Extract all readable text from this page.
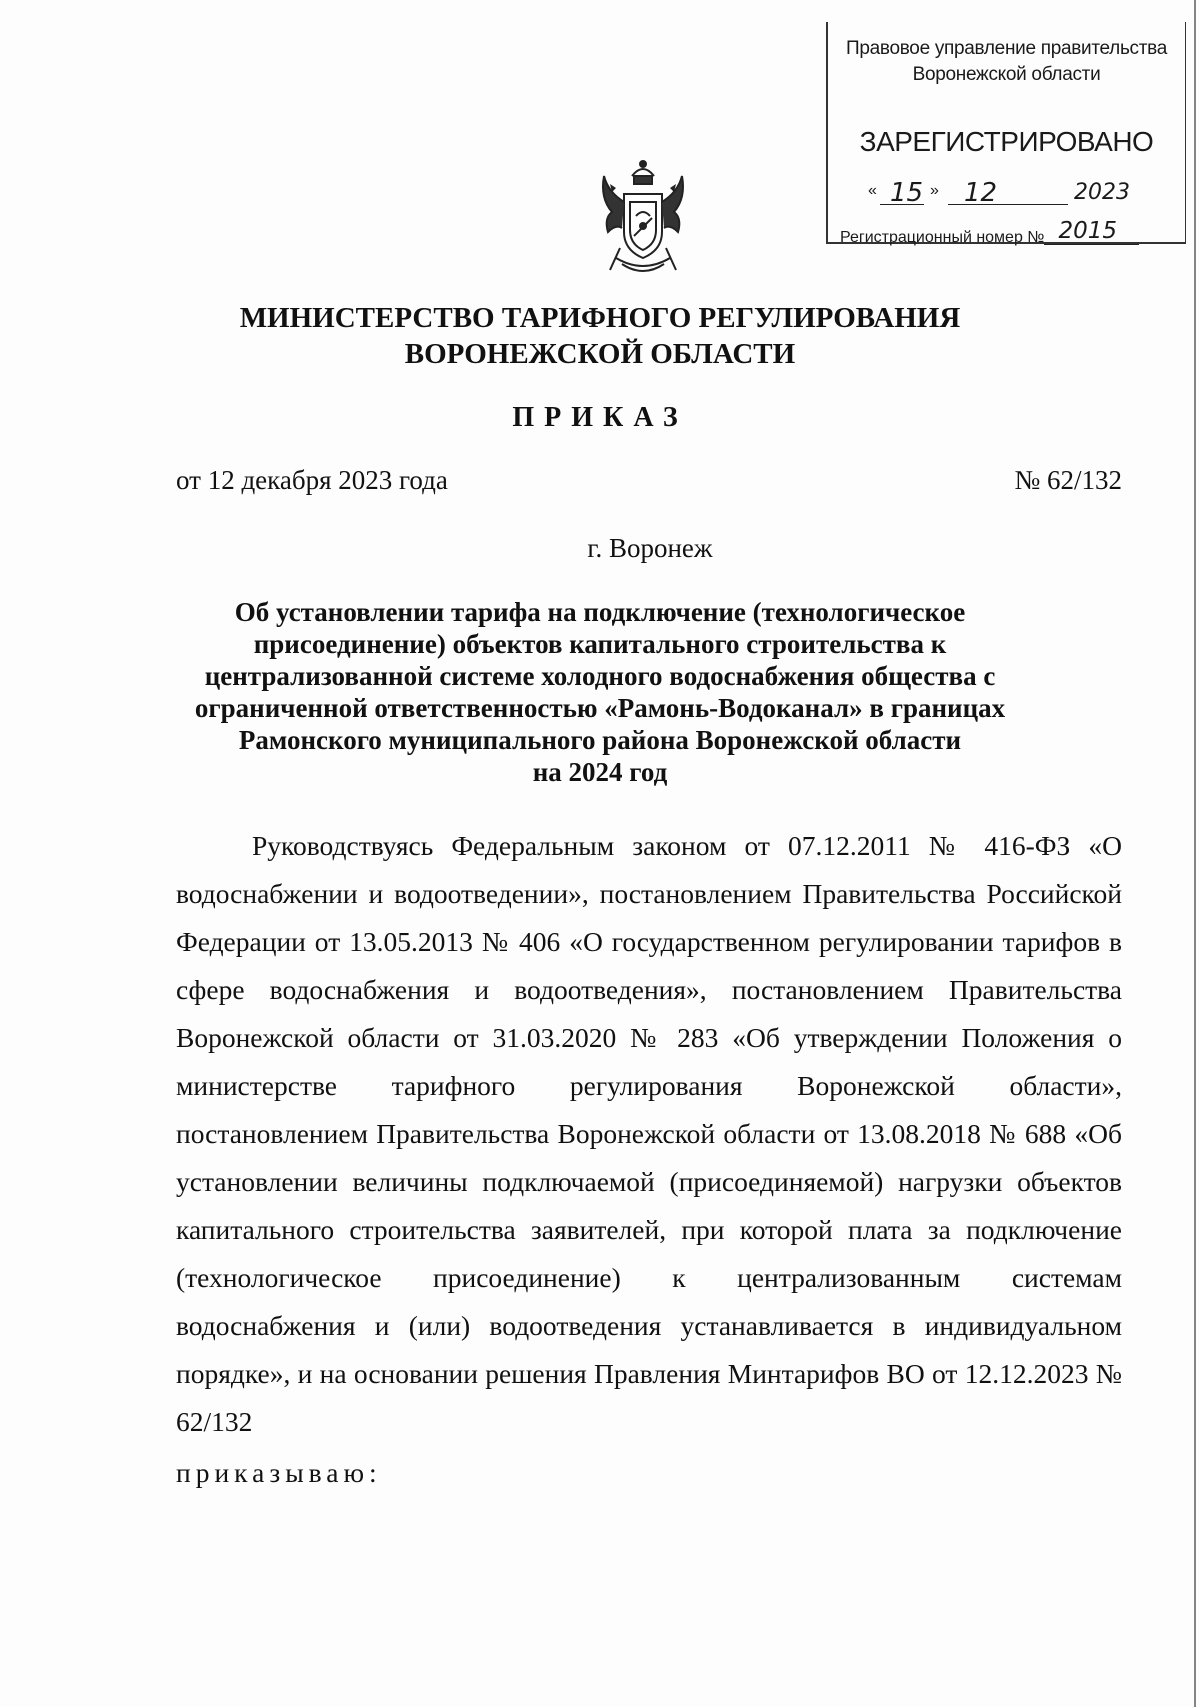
Правовое управление правительства
Воронежской области
ЗАРЕГИСТРИРОВАНО
« 15 » 12	2023
Регистрационный номер № 2015
МИНИСТЕРСТВО ТАРИФНОГО РЕГУЛИРОВАНИЯ
ВОРОНЕЖСКОЙ ОБЛАСТИ
ПРИКАЗ
от 12 декабря 2023 года	№ 62/132
г. Воронеж
Об установлении тарифа на подключение (технологическое
присоединение) объектов капитального строительства к
централизованной системе холодного водоснабжения общества с
ограниченной ответственностью «Рамонь-Водоканал» в границах
Рамонского муниципального района Воронежской области
на 2024 год

Руководствуясь Федеральным законом от 07.12.2011 № 416-ФЗ «О водоснабжении и водоотведении», постановлением Правительства Российской Федерации от 13.05.2013 № 406 «О государственном регулировании тарифов в сфере водоснабжения и водоотведения», постановлением Правительства Воронежской области от 31.03.2020 № 283 «Об утверждении Положения о министерстве тарифного регулирования Воронежской области», постановлением Правительства Воронежской области от 13.08.2018 № 688 «Об установлении величины подключаемой (присоединяемой) нагрузки объектов капитального строительства заявителей, при которой плата за подключение (технологическое присоединение) к централизованным системам водоснабжения и (или) водоотведения устанавливается в индивидуальном порядке», и на основании решения Правления Минтарифов ВО от 12.12.2023 № 62/132

приказываю:
